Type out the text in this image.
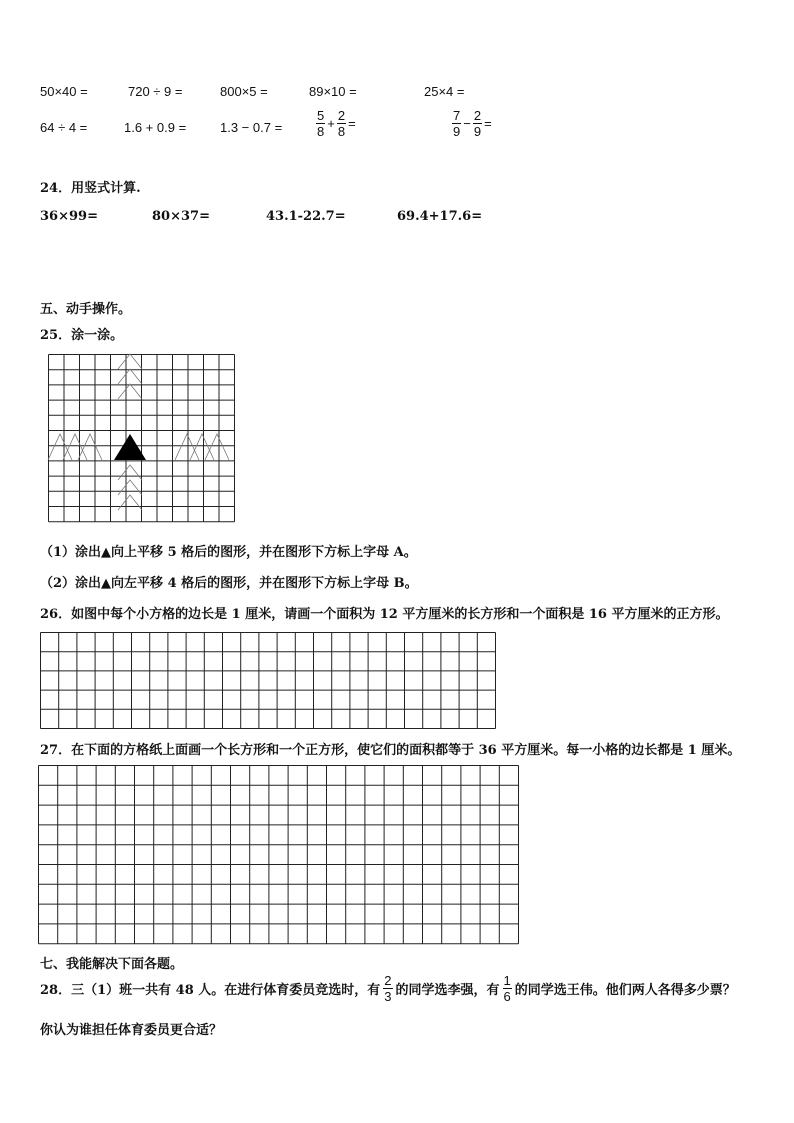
50×40 =	720 ÷ 9 =	800×5 =	89×10 =	25×4 =
64 ÷ 4 =	1.6 + 0.9 =	1.3 − 0.7 =	$\frac{5}{8} + \frac{2}{8}$ =	$\frac{7}{9} - \frac{2}{9}$ =
24．用竖式计算.
36×99=	80×37=	43.1-22.7=	69.4+17.6=
五、动手操作。
25．涂一涂。
（1）涂出▲向上平移 5 格后的图形，并在图形下方标上字母 A。
（2）涂出▲向左平移 4 格后的图形，并在图形下方标上字母 B。
26．如图中每个小方格的边长是 1 厘米，请画一个面积为 12 平方厘米的长方形和一个面积是 16 平方厘米的正方形。
27．在下面的方格纸上面画一个长方形和一个正方形，使它们的面积都等于 36 平方厘米。每一小格的边长都是 1 厘米。
七、我能解决下面各题。
28．三（1）班一共有 48 人。在进行体育委员竞选时，有 $\frac{2}{3}$ 的同学选李强，有 $\frac{1}{6}$ 的同学选王伟。他们两人各得多少票？
你认为谁担任体育委员更合适？
